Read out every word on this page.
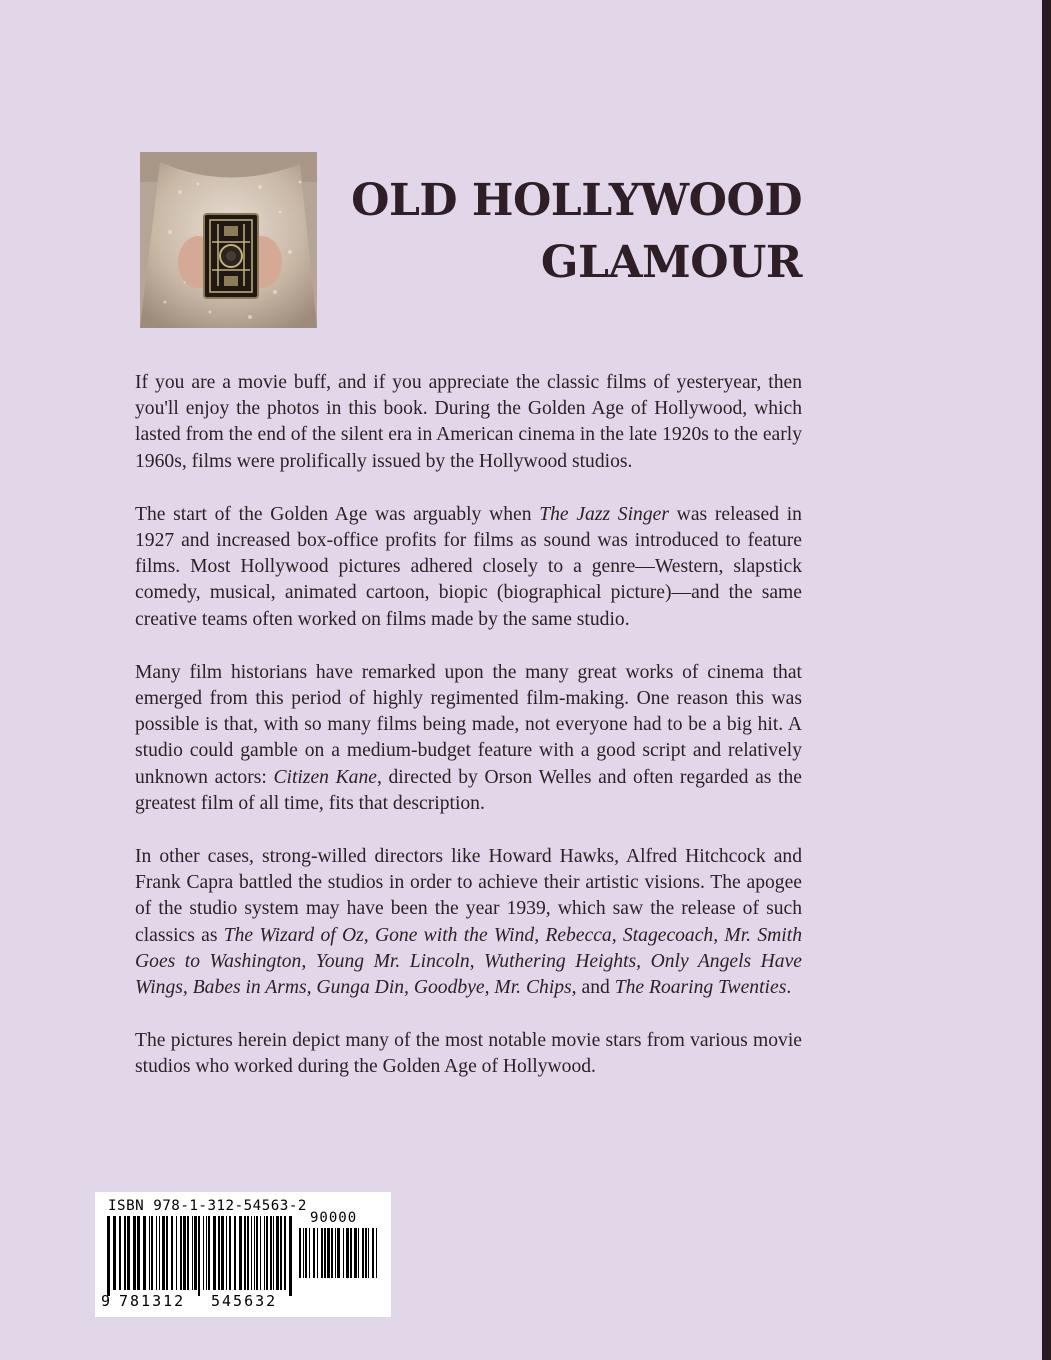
OLD HOLLYWOOD
GLAMOUR

If you are a movie buff, and if you appreciate the classic films of yesteryear, then you'll enjoy the photos in this book. During the Golden Age of Hollywood, which lasted from the end of the silent era in American cinema in the late 1920s to the early 1960s, films were prolifically issued by the Hollywood studios.

The start of the Golden Age was arguably when The Jazz Singer was released in 1927 and increased box-office profits for films as sound was introduced to feature films. Most Hollywood pictures adhered closely to a genre—Western, slapstick comedy, musical, animated cartoon, biopic (biographical picture)—and the same creative teams often worked on films made by the same studio.

Many film historians have remarked upon the many great works of cinema that emerged from this period of highly regimented film-making. One reason this was possible is that, with so many films being made, not everyone had to be a big hit. A studio could gamble on a medium-budget feature with a good script and relatively unknown actors: Citizen Kane, directed by Orson Welles and often regarded as the greatest film of all time, fits that description.

In other cases, strong-willed directors like Howard Hawks, Alfred Hitchcock and Frank Capra battled the studios in order to achieve their artistic visions. The apogee of the studio system may have been the year 1939, which saw the release of such classics as The Wizard of Oz, Gone with the Wind, Rebecca, Stagecoach, Mr. Smith Goes to Washington, Young Mr. Lincoln, Wuthering Heights, Only Angels Have Wings, Babes in Arms, Gunga Din, Goodbye, Mr. Chips, and The Roaring Twenties.

The pictures herein depict many of the most notable movie stars from various movie studios who worked during the Golden Age of Hollywood.

ISBN 978-1-312-54563-2
90000
9 781312 545632
